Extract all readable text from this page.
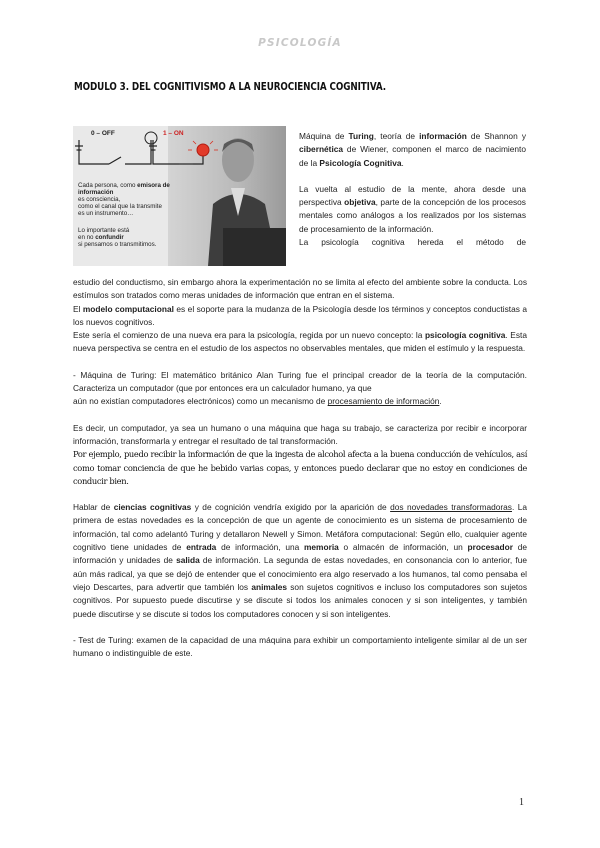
PSICOLOGÍA
MODULO 3. DEL COGNITIVISMO A LA NEUROCIENCIA COGNITIVA.
0 – OFF	1 – ON
Cada persona, como emisora de información
es consciencia,
como el canal que la transmite
es un instrumento…
Lo importante está
en no confundir
si pensamos o transmitimos.

Máquina de Turing, teoría de información de Shannon y cibernética de Wiener, componen el marco de nacimiento de la Psicología Cognitiva.

La vuelta al estudio de la mente, ahora desde una perspectiva objetiva, parte de la concepción de los procesos mentales como análogos a los realizados por los sistemas de procesamiento de la información.

La psicología cognitiva hereda el método de

estudio del conductismo, sin embargo ahora la experimentación no se limita al efecto del ambiente sobre la conducta. Los estímulos son tratados como meras unidades de información que entran en el sistema.

El modelo computacional es el soporte para la mudanza de la Psicología desde los términos y conceptos conductistas a los nuevos cognitivos.

Este sería el comienzo de una nueva era para la psicología, regida por un nuevo concepto: la psicología cognitiva. Esta nueva perspectiva se centra en el estudio de los aspectos no observables mentales, que miden el estímulo y la respuesta.

- Máquina de Turing: El matemático británico Alan Turing fue el principal creador de la teoría de la computación. Caracteriza un computador (que por entonces era un calculador humano, ya que

aún no existían computadores electrónicos) como un mecanismo de procesamiento de información.

Es decir, un computador, ya sea un humano o una máquina que haga su trabajo, se caracteriza por recibir e incorporar información, transformarla y entregar el resultado de tal transformación.

Por ejemplo, puedo recibir la información de que la ingesta de alcohol afecta a la buena conducción de vehículos, así como tomar conciencia de que he bebido varias copas, y entonces puedo declarar que no estoy en condiciones de conducir bien.

Hablar de ciencias cognitivas y de cognición vendría exigido por la aparición de dos novedades transformadoras. La primera de estas novedades es la concepción de que un agente de conocimiento es un sistema de procesamiento de información, tal como adelantó Turing y detallaron Newell y Simon. Metáfora computacional: Según ello, cualquier agente cognitivo tiene unidades de entrada de información, una memoria o almacén de información, un procesador de información y unidades de salida de información. La segunda de estas novedades, en consonancia con lo anterior, fue aún más radical, ya que se dejó de entender que el conocimiento era algo reservado a los humanos, tal como pensaba el viejo Descartes, para advertir que también los animales son sujetos cognitivos e incluso los computadores son sujetos cognitivos. Por supuesto puede discutirse y se discute si todos los animales conocen y si son inteligentes, y también puede discutirse y se discute si todos los computadores conocen y si son inteligentes.

- Test de Turing: examen de la capacidad de una máquina para exhibir un comportamiento inteligente similar al de un ser humano o indistinguible de este.

1
